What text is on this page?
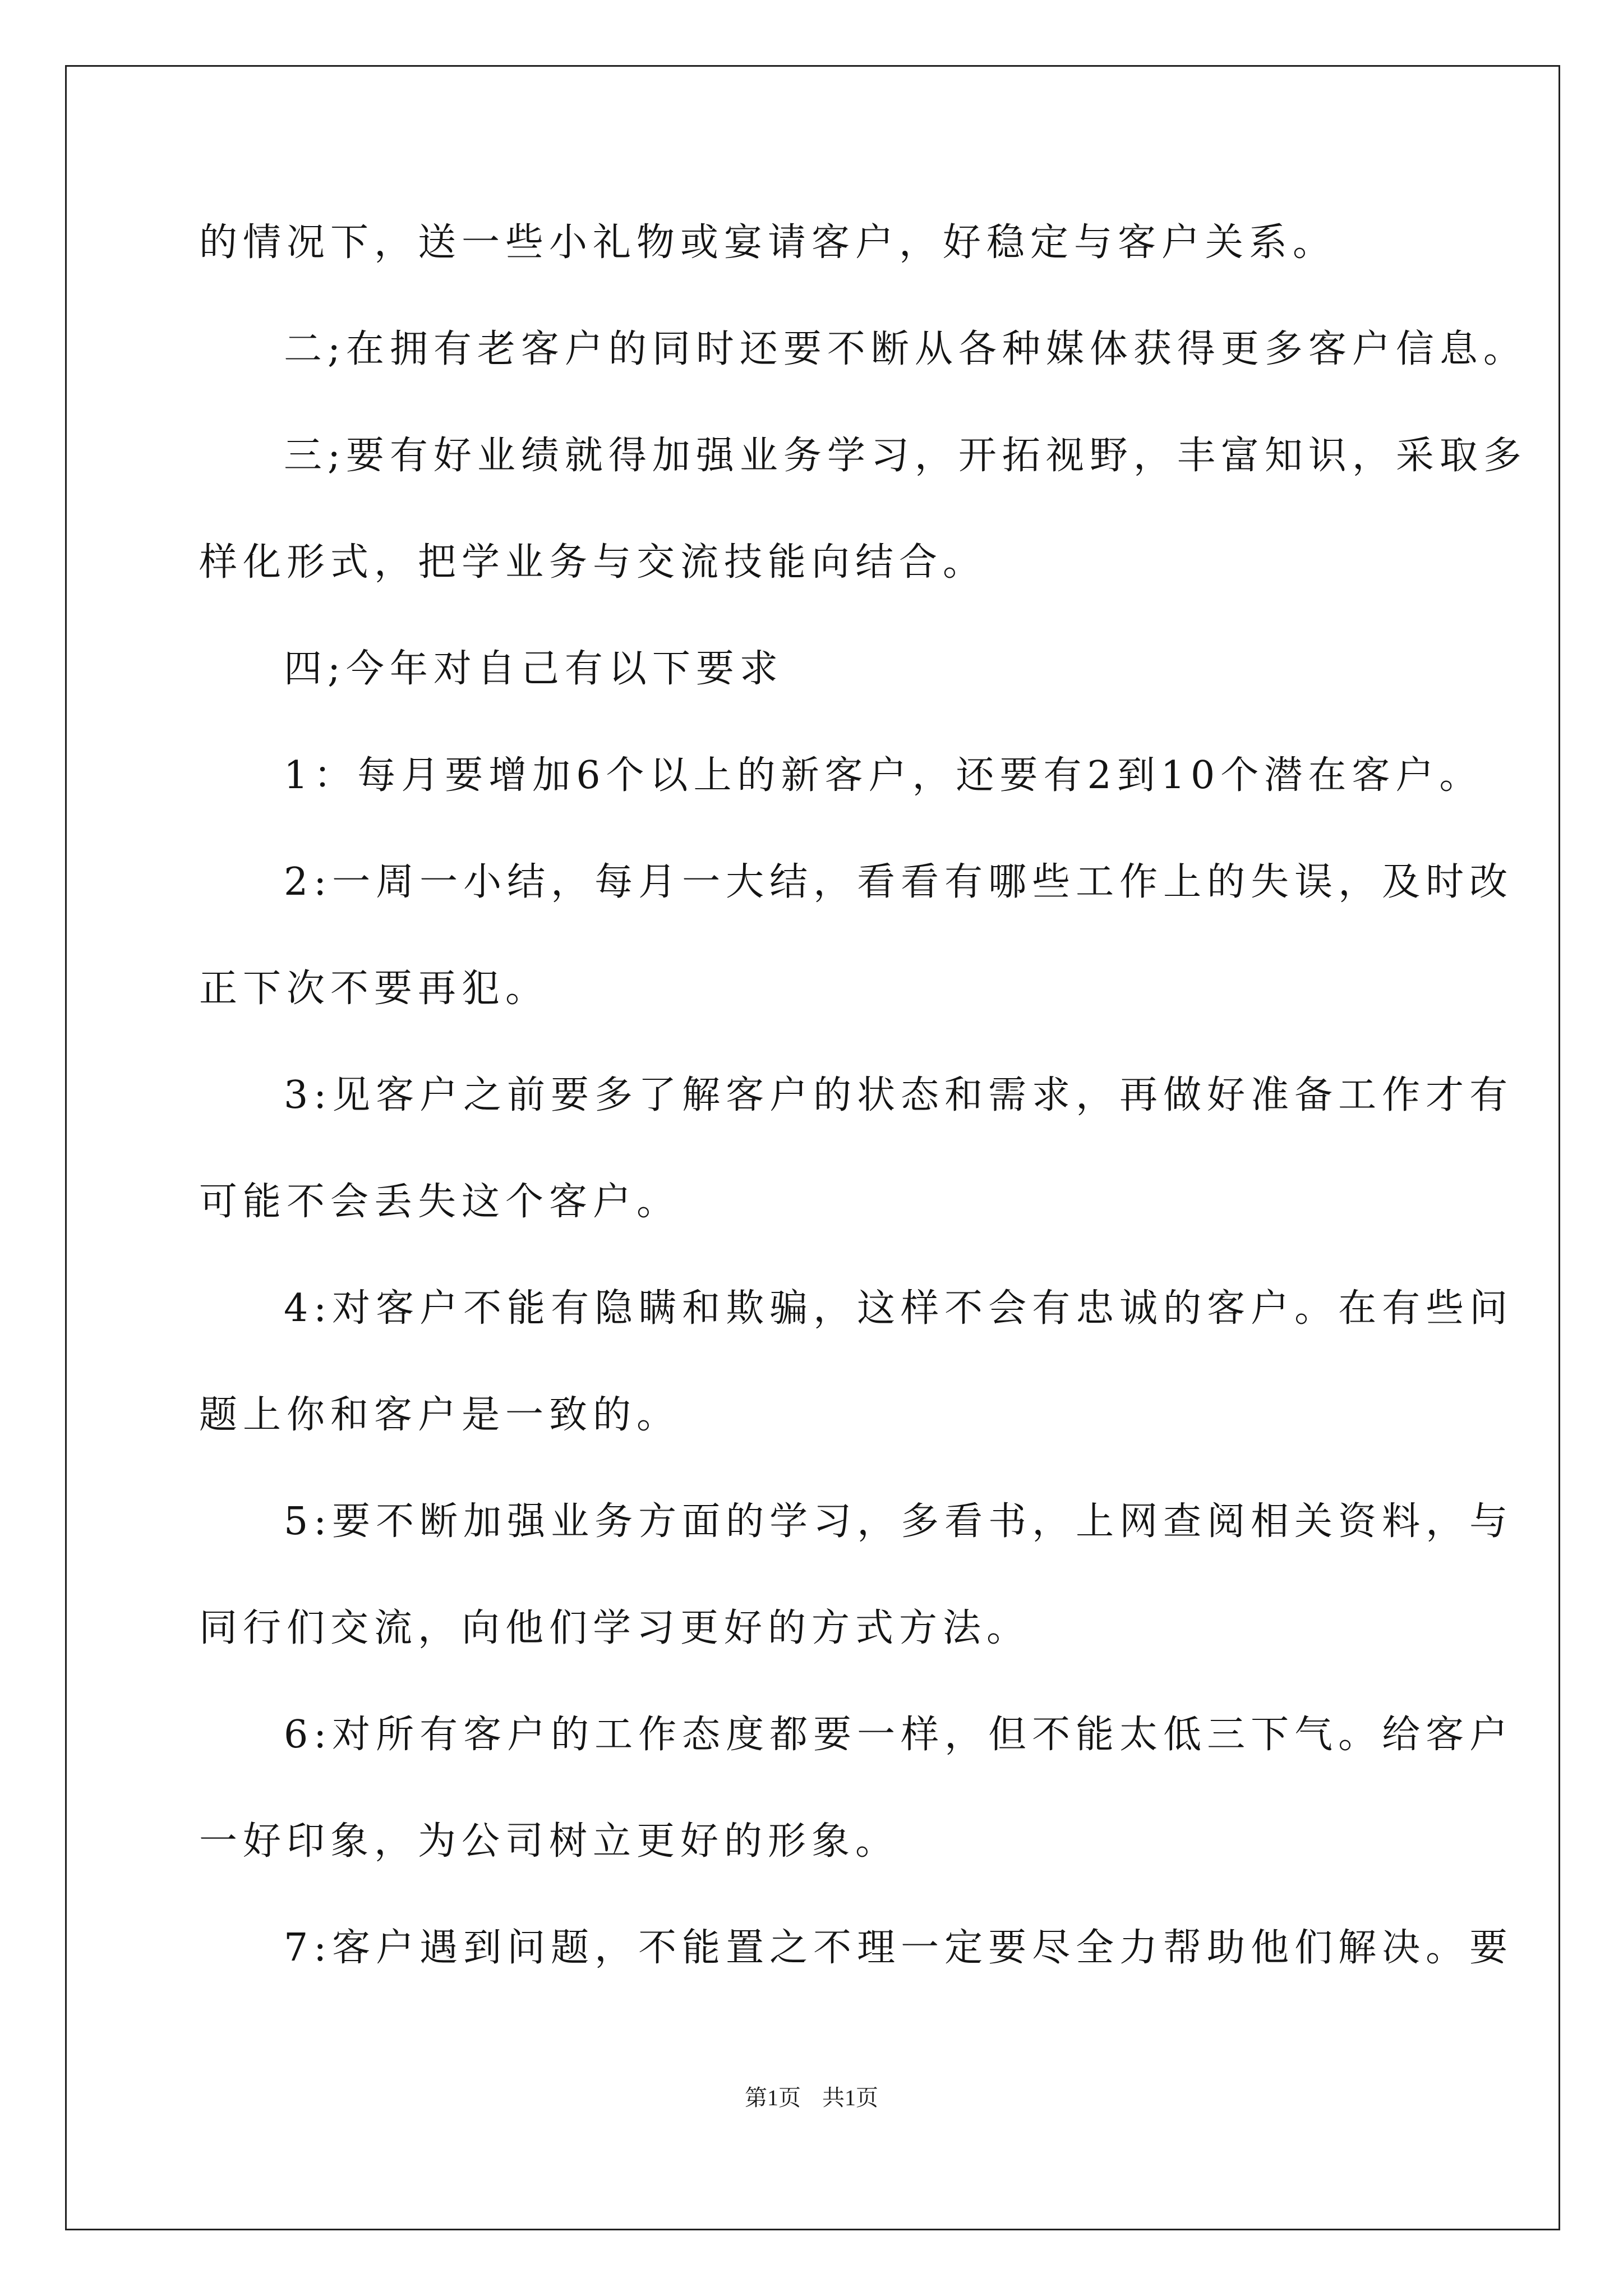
的情况下，送一些小礼物或宴请客户，好稳定与客户关系。
二;在拥有老客户的同时还要不断从各种媒体获得更多客户信息。
三;要有好业绩就得加强业务学习，开拓视野，丰富知识，采取多
样化形式，把学业务与交流技能向结合。
四;今年对自己有以下要求
1：每月要增加6个以上的新客户，还要有2到10个潜在客户。
2:一周一小结，每月一大结，看看有哪些工作上的失误，及时改
正下次不要再犯。
3:见客户之前要多了解客户的状态和需求，再做好准备工作才有
可能不会丢失这个客户。
4:对客户不能有隐瞒和欺骗，这样不会有忠诚的客户。在有些问
题上你和客户是一致的。
5:要不断加强业务方面的学习，多看书，上网查阅相关资料，与
同行们交流，向他们学习更好的方式方法。
6:对所有客户的工作态度都要一样，但不能太低三下气。给客户
一好印象，为公司树立更好的形象。
7:客户遇到问题，不能置之不理一定要尽全力帮助他们解决。要
第1页 共1页
